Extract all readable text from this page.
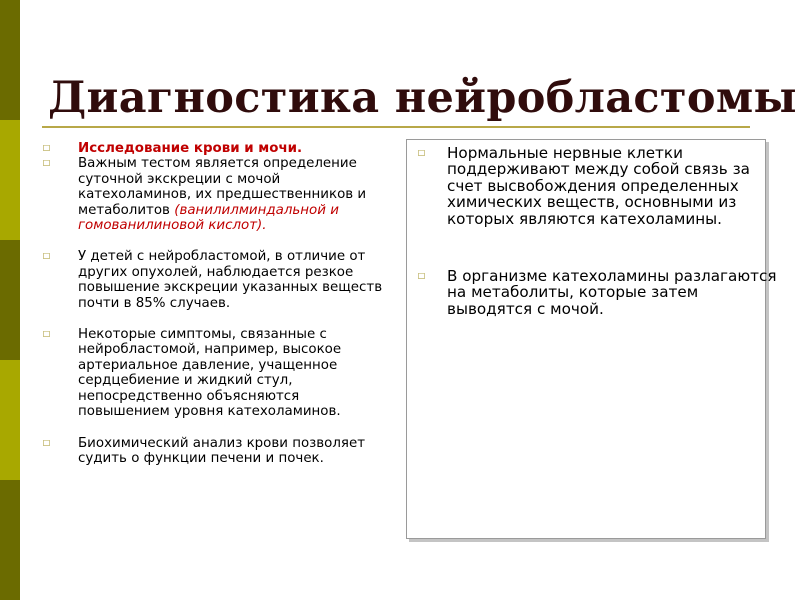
Диагностика нейробластомы
□ Исследование крови и мочи.
□ Важным тестом является определение суточной экскреции с мочой катехоламинов, их предшественников и метаболитов (ванилилминдальной и гомованилиновой кислот).
□ У детей с нейробластомой, в отличие от других опухолей, наблюдается резкое повышение экскреции указанных веществ почти в 85% случаев.
□ Некоторые симптомы, связанные с нейробластомой, например, высокое артериальное давление, учащенное сердцебиение и жидкий стул, непосредственно объясняются повышением уровня катехоламинов.
□ Биохимический анализ крови позволяет судить о функции печени и почек.
□ Нормальные нервные клетки поддерживают между собой связь за счет высвобождения определенных химических веществ, основными из которых являются катехоламины.
□ В организме катехоламины разлагаются на метаболиты, которые затем выводятся с мочой.
